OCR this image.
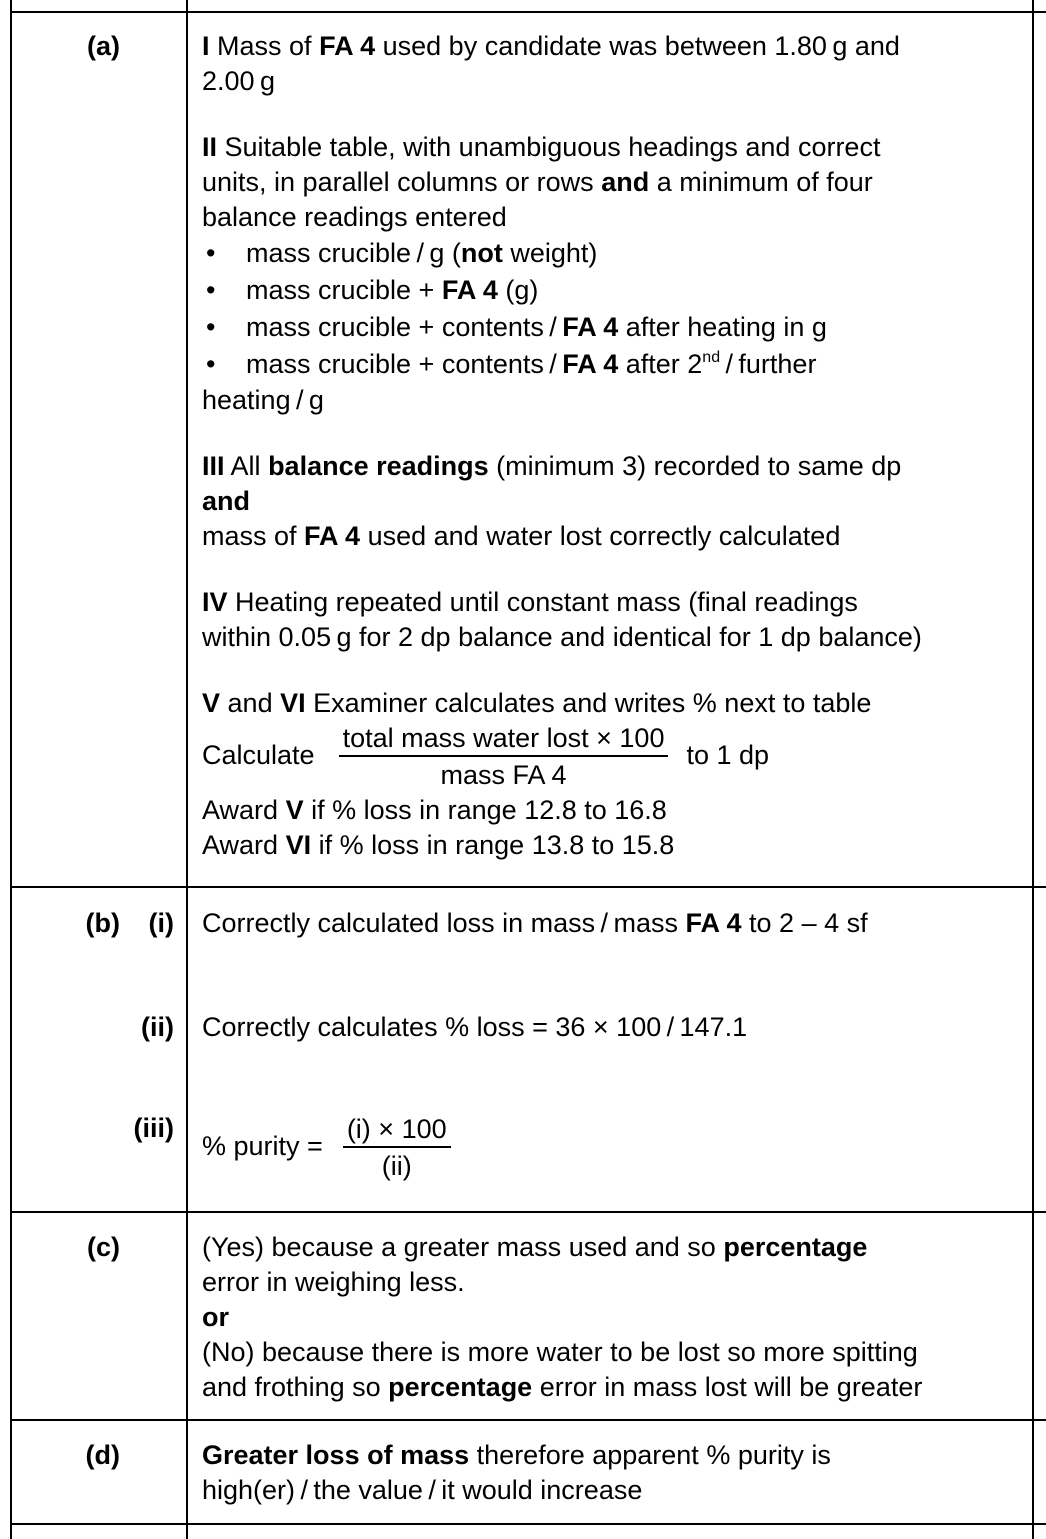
(a)	I Mass of FA 4 used by candidate was between 1.80 g and
2.00 g

II Suitable table, with unambiguous headings and correct
units, in parallel columns or rows and a minimum of four
balance readings entered

• mass crucible / g (not weight)
• mass crucible + FA 4 (g)
• mass crucible + contents / FA 4 after heating in g
• mass crucible + contents / FA 4 after 2nd / further

heating / g

III All balance readings (minimum 3) recorded to same dp
and
mass of FA 4 used and water lost correctly calculated

IV Heating repeated until constant mass (final readings
within 0.05 g for 2 dp balance and identical for 1 dp balance)

V and VI Examiner calculates and writes % next to table

Calculate $\frac{\text{total mass water lost × 100}}{\text{mass FA 4}}$ to 1 dp

Award V if % loss in range 12.8 to 16.8

Award VI if % loss in range 13.8 to 15.8

(b)	(i) Correctly calculated loss in mass / mass FA 4 to 2 – 4 sf
(ii) Correctly calculates % loss = 36 × 100 / 147.1
(iii)
% purity = $\frac{(i) \times 100}{(ii)}$
(c)	(Yes) because a greater mass used and so percentage
error in weighing less.
or
(No) because there is more water to be lost so more spitting
and frothing so percentage error in mass lost will be greater

(d)	Greater loss of mass therefore apparent % purity is
high(er) / the value / it would increase
